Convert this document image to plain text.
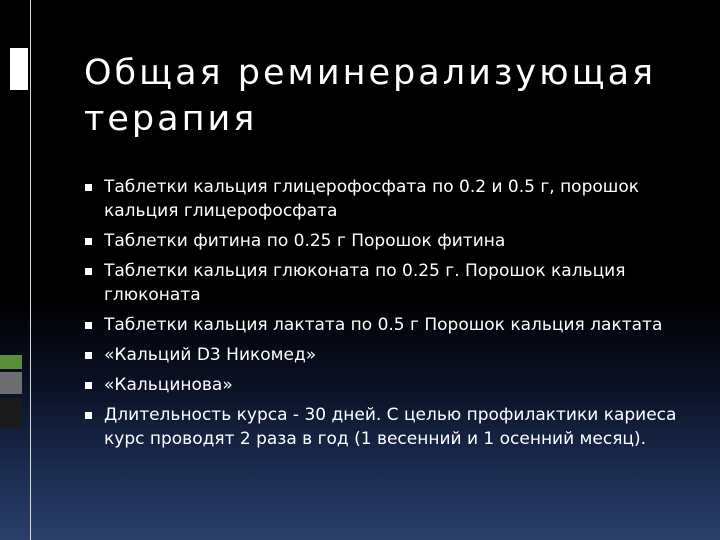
Общая реминерализующая
терапия
Таблетки кальция глицерофосфата по 0.2 и 0.5 г, порошок кальция глицерофосфата
Таблетки фитина по 0.25 г Порошок фитина
Таблетки кальция глюконата по 0.25 г. Порошок кальция глюконата
Таблетки кальция лактата по 0.5 г Порошок кальция лактата
«Кальций D3 Никомед»
«Кальцинова»
Длительность курса - 30 дней. С целью профилактики кариеса курс проводят 2 раза в год (1 весенний и 1 осенний месяц).
